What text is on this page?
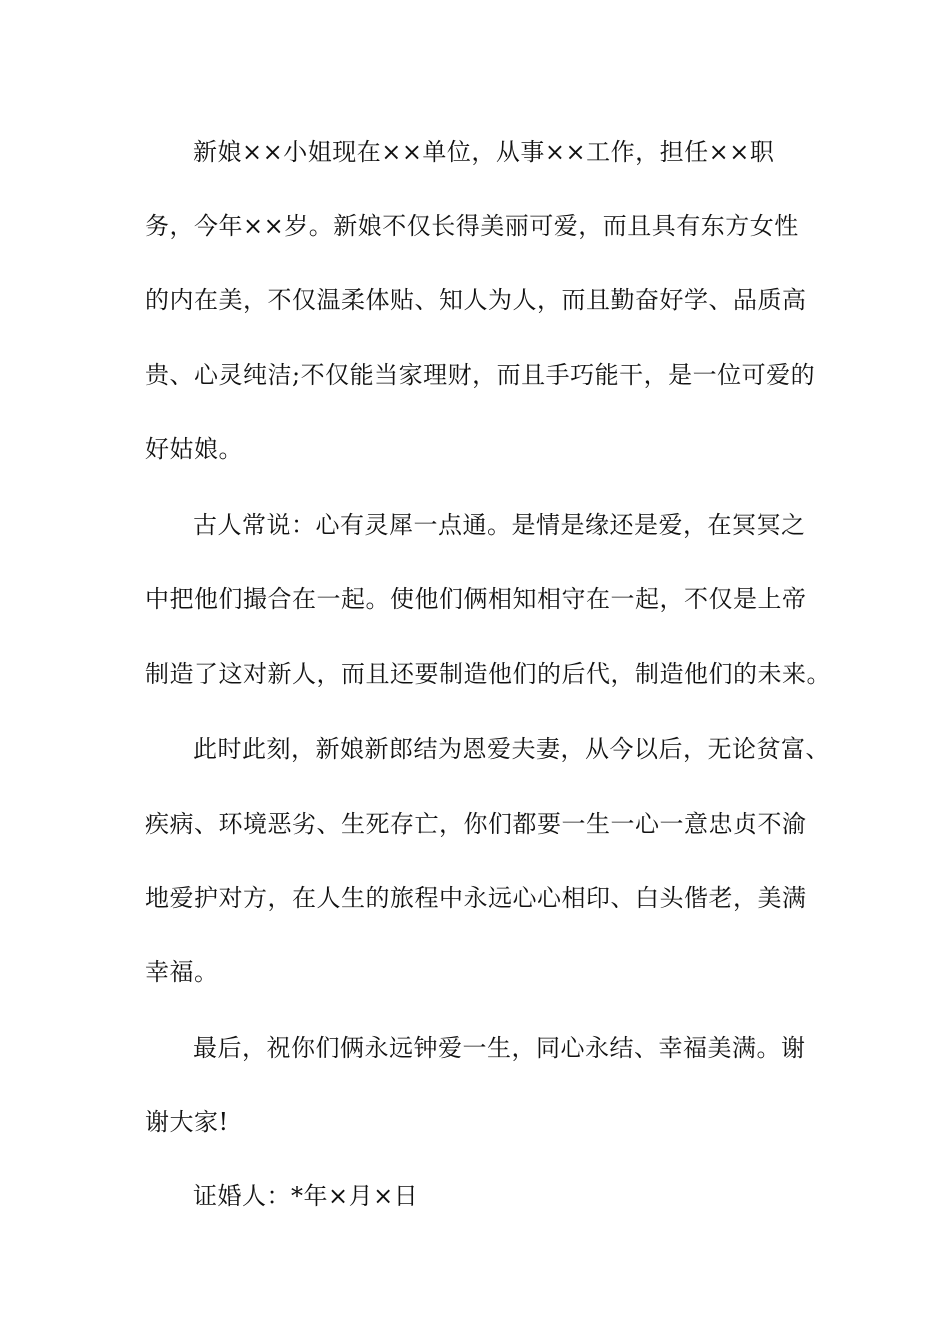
新娘××小姐现在××单位，从事××工作，担任××职
务，今年××岁。新娘不仅长得美丽可爱，而且具有东方女性
的内在美，不仅温柔体贴、知人为人，而且勤奋好学、品质高
贵、心灵纯洁;不仅能当家理财，而且手巧能干，是一位可爱的
好姑娘。
古人常说：心有灵犀一点通。是情是缘还是爱，在冥冥之
中把他们撮合在一起。使他们俩相知相守在一起，不仅是上帝
制造了这对新人，而且还要制造他们的后代，制造他们的未来。
此时此刻，新娘新郎结为恩爱夫妻，从今以后，无论贫富、
疾病、环境恶劣、生死存亡，你们都要一生一心一意忠贞不渝
地爱护对方，在人生的旅程中永远心心相印、白头偕老，美满
幸福。
最后，祝你们俩永远钟爱一生，同心永结、幸福美满。谢
谢大家!
证婚人：*年×月×日
